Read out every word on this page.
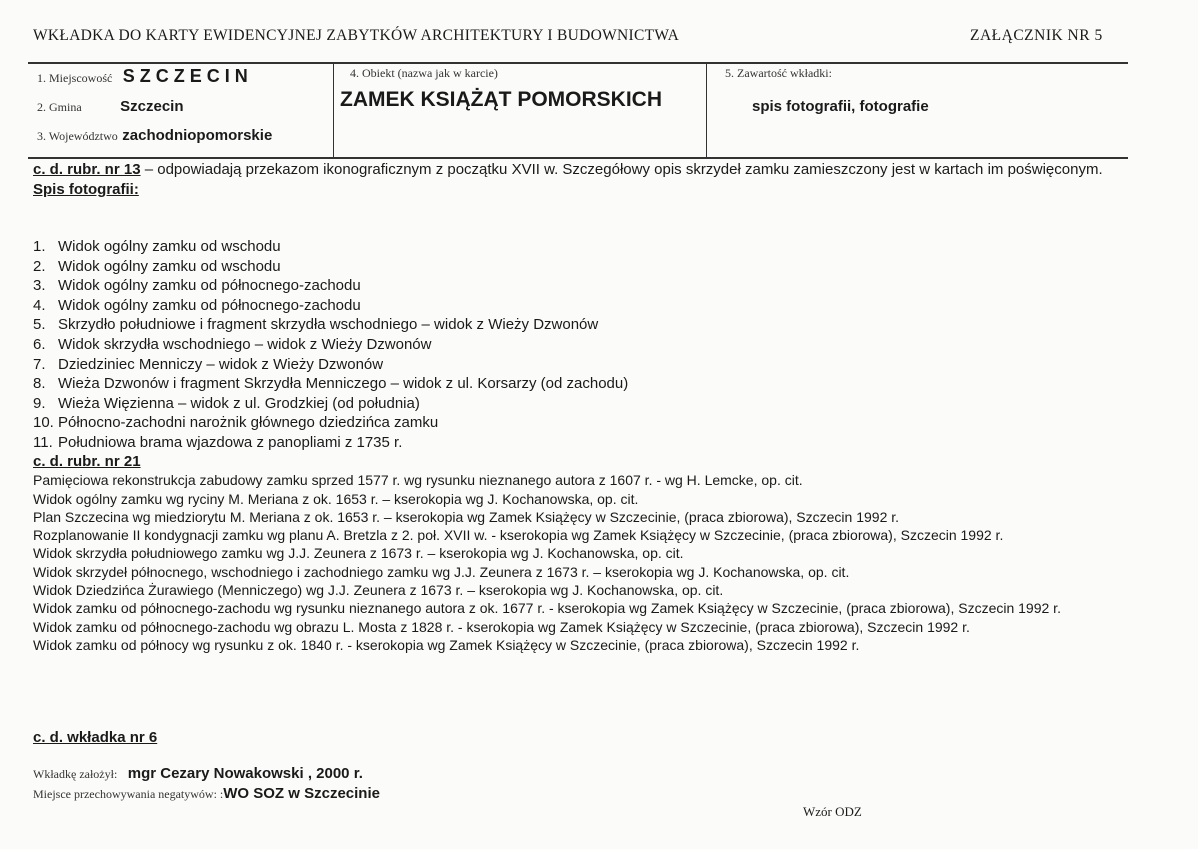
WKŁADKA DO KARTY EWIDENCYJNEJ ZABYTKÓW ARCHITEKTURY I BUDOWNICTWA	ZAŁĄCZNIK NR 5
1. Miejscowość S Z C Z E C I N
2. Gmina	Szczecin
3. Województwo zachodniopomorskie
4. Obiekt (nazwa jak w karcie)
ZAMEK KSIĄŻĄT POMORSKICH
5. Zawartość wkładki:
spis fotografii, fotografie
c. d. rubr. nr 13 – odpowiadają przekazom ikonograficznym z początku XVII w. Szczegółowy opis skrzydeł zamku zamieszczony jest w kartach im poświęconym.
Spis fotografii:
1. Widok ogólny zamku od wschodu
2. Widok ogólny zamku od wschodu
3. Widok ogólny zamku od północnego-zachodu
4. Widok ogólny zamku od północnego-zachodu
5. Skrzydło południowe i fragment skrzydła wschodniego – widok z Wieży Dzwonów
6. Widok skrzydła wschodniego – widok z Wieży Dzwonów
7. Dziedziniec Menniczy – widok z Wieży Dzwonów
8. Wieża Dzwonów i fragment Skrzydła Menniczego – widok z ul. Korsarzy (od zachodu)
9. Wieża Więzienna – widok z ul. Grodzkiej (od południa)
10. Północno-zachodni narożnik głównego dziedzińca zamku
11. Południowa brama wjazdowa z panopliami z 1735 r.
c. d. rubr. nr 21
Pamięciowa rekonstrukcja zabudowy zamku sprzed 1577 r. wg rysunku nieznanego autora z 1607 r. - wg H. Lemcke, op. cit.
Widok ogólny zamku wg ryciny M. Meriana z ok. 1653 r. – kserokopia wg J. Kochanowska, op. cit.
Plan Szczecina wg miedziorytu M. Meriana z ok. 1653 r. – kserokopia wg Zamek Książęcy w Szczecinie, (praca zbiorowa), Szczecin 1992 r.
Rozplanowanie II kondygnacji zamku wg planu A. Bretzla z 2. poł. XVII w. - kserokopia wg Zamek Książęcy w Szczecinie, (praca zbiorowa), Szczecin 1992 r.
Widok skrzydła południowego zamku wg J.J. Zeunera z 1673 r. – kserokopia wg J. Kochanowska, op. cit.
Widok skrzydeł północnego, wschodniego i zachodniego zamku wg J.J. Zeunera z 1673 r. – kserokopia wg J. Kochanowska, op. cit.
Widok Dziedzińca Żurawiego (Menniczego) wg J.J. Zeunera z 1673 r. – kserokopia wg J. Kochanowska, op. cit.
Widok zamku od północnego-zachodu wg rysunku nieznanego autora z ok. 1677 r. - kserokopia wg Zamek Książęcy w Szczecinie, (praca zbiorowa), Szczecin 1992 r.
Widok zamku od północnego-zachodu wg obrazu L. Mosta z 1828 r. - kserokopia wg Zamek Książęcy w Szczecinie, (praca zbiorowa), Szczecin 1992 r.
Widok zamku od północy wg rysunku z ok. 1840 r. - kserokopia wg Zamek Książęcy w Szczecinie, (praca zbiorowa), Szczecin 1992 r.
c. d. wkładka nr 6
Wkładkę założył: mgr Cezary Nowakowski , 2000 r.
Miejsce przechowywania negatywów: :WO SOZ w Szczecinie
Wzór ODZ
